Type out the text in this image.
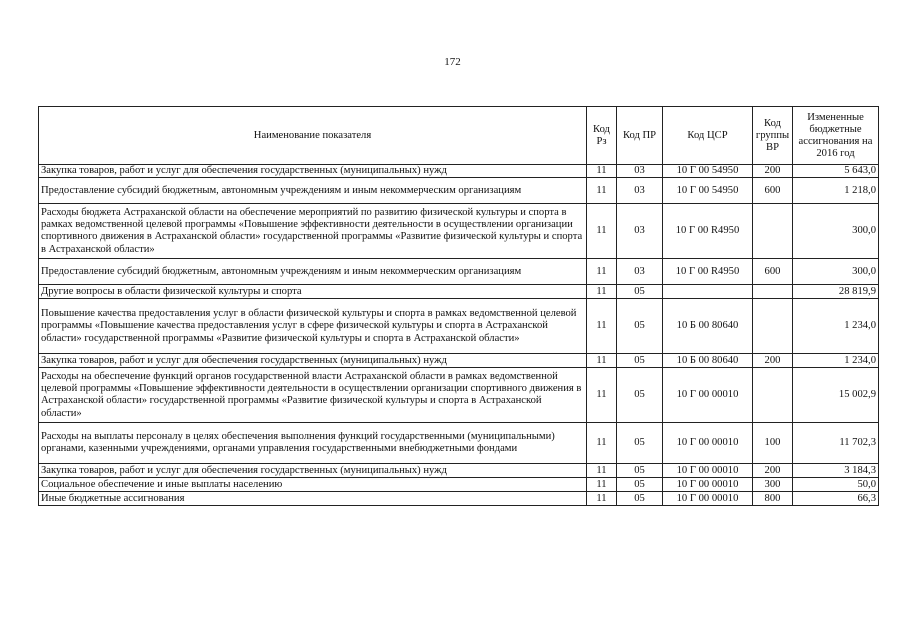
172
Наименование показателя	Код Рз	Код ПР	Код ЦСР	Код группы ВР	Измененные бюджетные ассигнования на 2016 год
Закупка товаров, работ и услуг для обеспечения государственных (муниципальных) нужд	11	03	10 Г 00 54950	200	5 643,0
Предоставление субсидий бюджетным, автономным учреждениям и иным некоммерческим организациям	11	03	10 Г 00 54950	600	1 218,0
Расходы бюджета Астраханской области на обеспечение мероприятий по развитию физической культуры и спорта в рамках ведомственной целевой программы «Повышение эффективности деятельности в осуществлении организации спортивного движения в Астраханской области» государственной программы «Развитие физической культуры и спорта в Астраханской области»	11	03	10 Г 00 R4950		300,0
Предоставление субсидий бюджетным, автономным учреждениям и иным некоммерческим организациям	11	03	10 Г 00 R4950	600	300,0
Другие вопросы в области физической культуры и спорта	11	05			28 819,9
Повышение качества предоставления услуг в области физической культуры и спорта в рамках ведомственной целевой программы «Повышение качества предоставления услуг в сфере физической культуры и спорта в Астраханской области» государственной программы «Развитие физической культуры и спорта в Астраханской области»	11	05	10 Б 00 80640		1 234,0
Закупка товаров, работ и услуг для обеспечения государственных (муниципальных) нужд	11	05	10 Б 00 80640	200	1 234,0
Расходы на обеспечение функций органов государственной власти Астраханской области в рамках ведомственной целевой программы «Повышение эффективности деятельности в осуществлении организации спортивного движения в Астраханской области» государственной программы «Развитие физической культуры и спорта в Астраханской области»	11	05	10 Г 00 00010		15 002,9
Расходы на выплаты персоналу в целях обеспечения выполнения функций государственными (муниципальными) органами, казенными учреждениями, органами управления государственными внебюджетными фондами	11	05	10 Г 00 00010	100	11 702,3
Закупка товаров, работ и услуг для обеспечения государственных (муниципальных) нужд	11	05	10 Г 00 00010	200	3 184,3
Социальное обеспечение и иные выплаты населению	11	05	10 Г 00 00010	300	50,0
Иные бюджетные ассигнования	11	05	10 Г 00 00010	800	66,3
